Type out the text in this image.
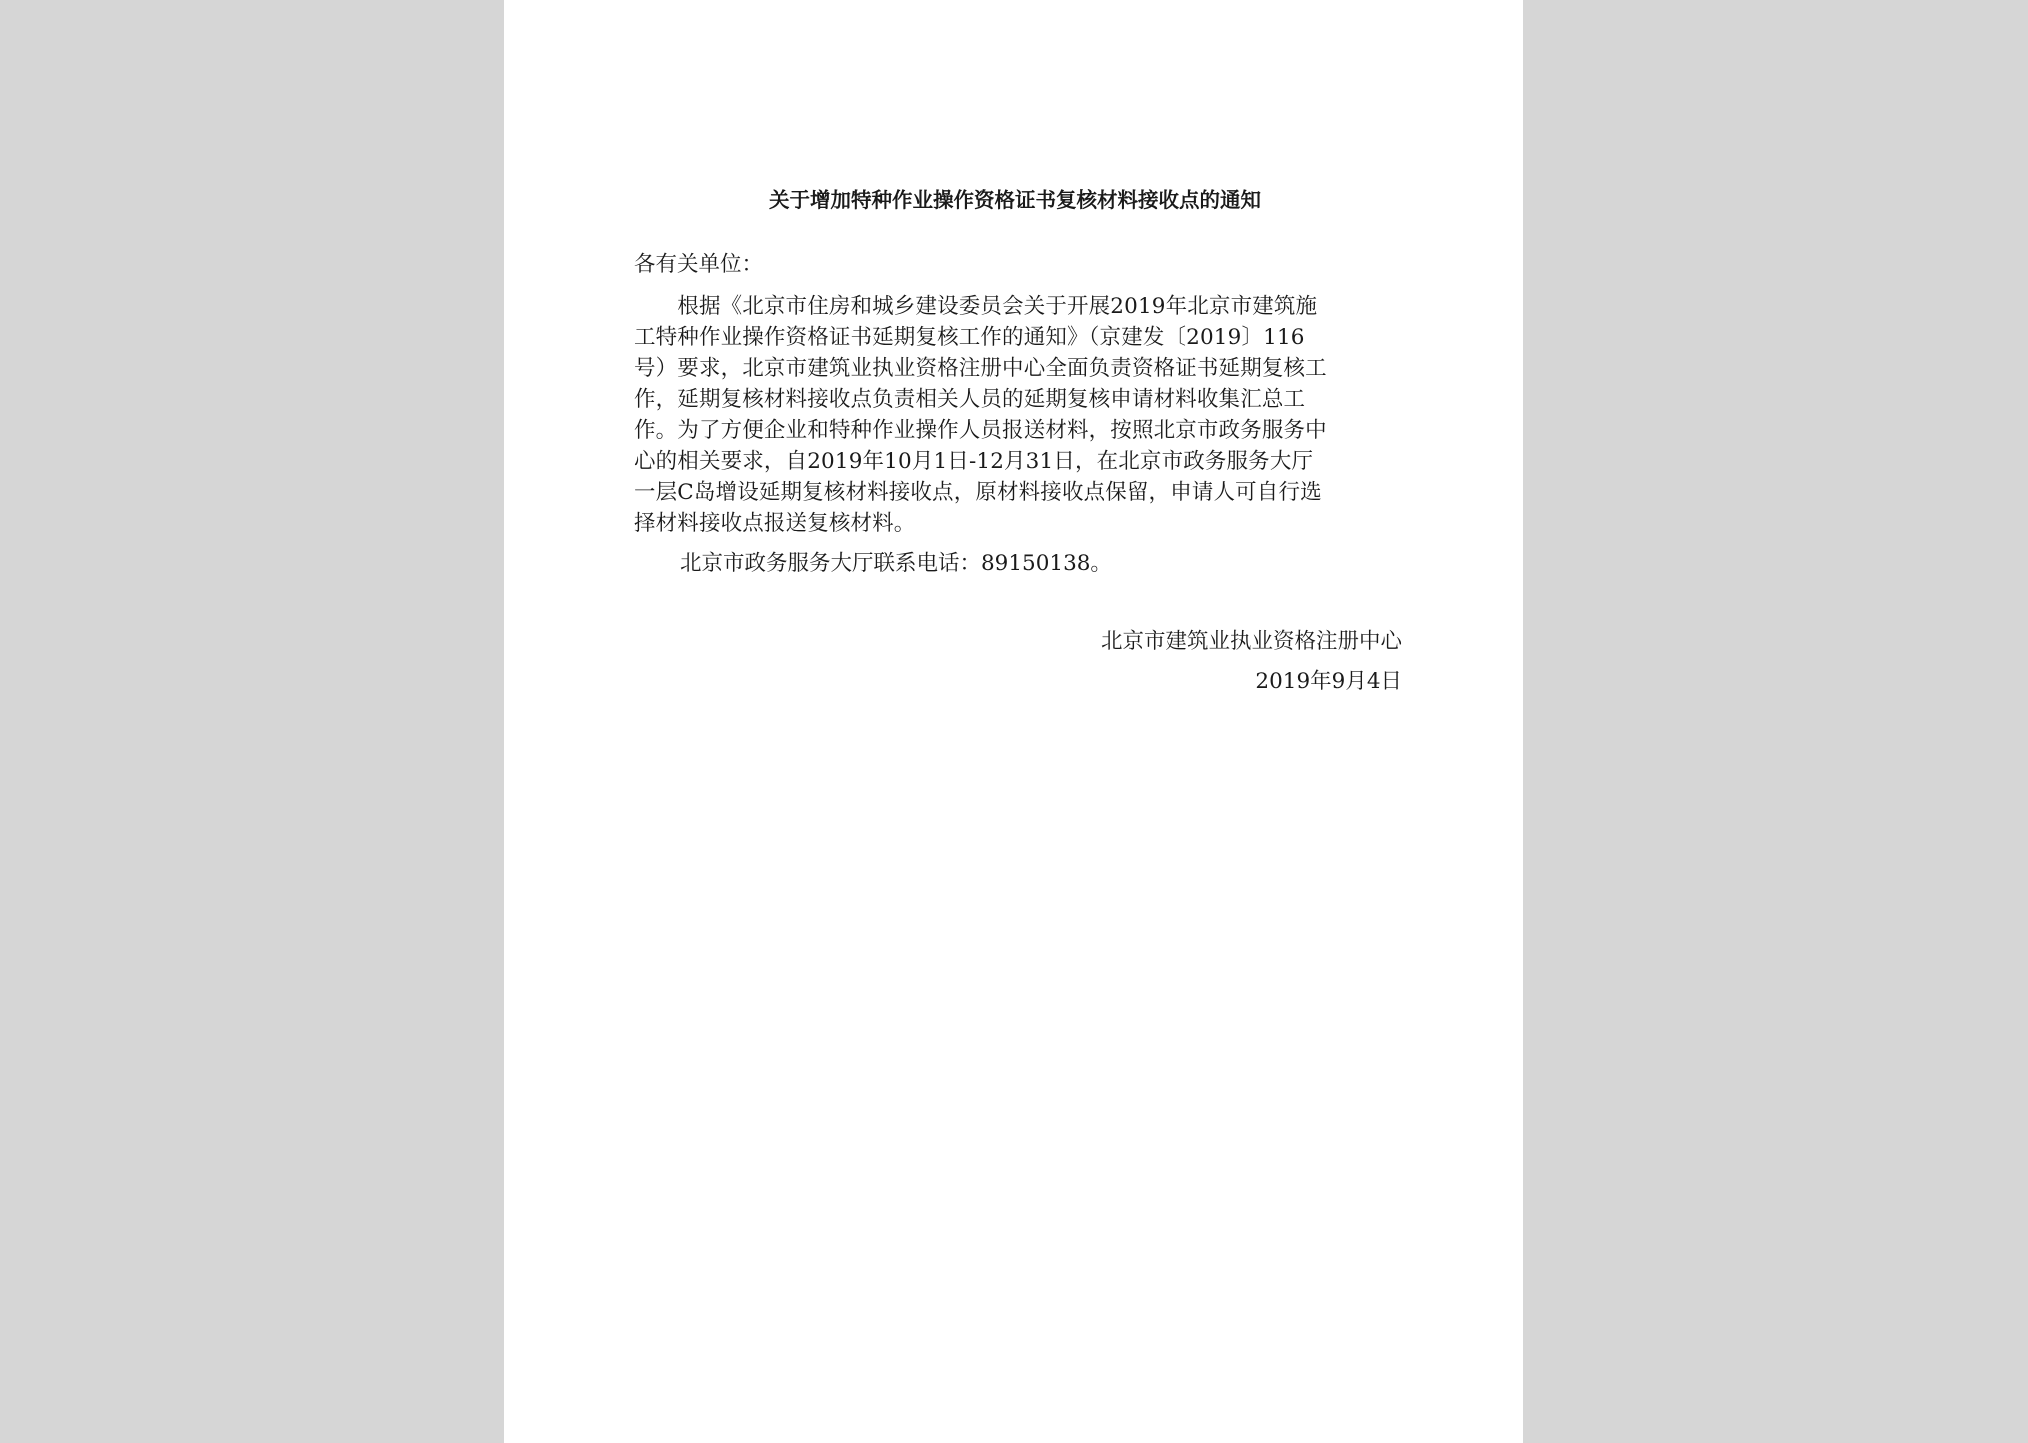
关于增加特种作业操作资格证书复核材料接收点的通知
各有关单位：
　　根据《北京市住房和城乡建设委员会关于开展2019年北京市建筑施
工特种作业操作资格证书延期复核工作的通知》（京建发〔2019〕116
号）要求，北京市建筑业执业资格注册中心全面负责资格证书延期复核工
作，延期复核材料接收点负责相关人员的延期复核申请材料收集汇总工
作。为了方便企业和特种作业操作人员报送材料，按照北京市政务服务中
心的相关要求，自2019年10月1日-12月31日，在北京市政务服务大厅
一层C岛增设延期复核材料接收点，原材料接收点保留，申请人可自行选
择材料接收点报送复核材料。
北京市政务服务大厅联系电话：89150138。
北京市建筑业执业资格注册中心
2019年9月4日
